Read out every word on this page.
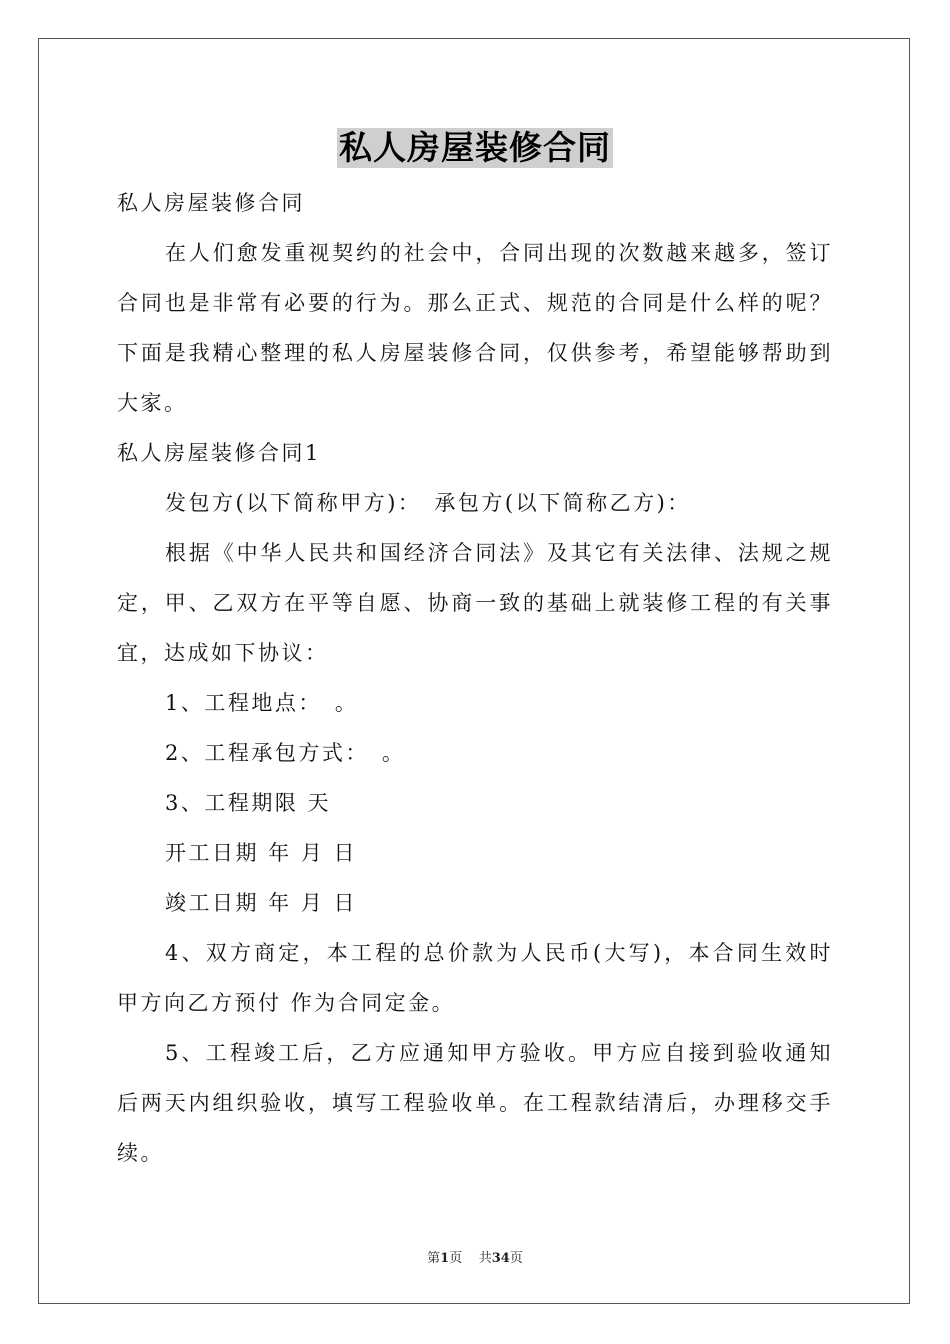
私人房屋装修合同

私人房屋装修合同

在人们愈发重视契约的社会中，合同出现的次数越来越多，签订合同也是非常有必要的行为。那么正式、规范的合同是什么样的呢？下面是我精心整理的私人房屋装修合同，仅供参考，希望能够帮助到大家。

私人房屋装修合同1

发包方(以下简称甲方)：　承包方(以下简称乙方)：

根据《中华人民共和国经济合同法》及其它有关法律、法规之规定，甲、乙双方在平等自愿、协商一致的基础上就装修工程的有关事宜，达成如下协议：

1、工程地点：　。

2、工程承包方式：　。

3、工程期限 天

开工日期 年 月 日

竣工日期 年 月 日

4、双方商定，本工程的总价款为人民币(大写)，本合同生效时甲方向乙方预付 作为合同定金。

5、工程竣工后，乙方应通知甲方验收。甲方应自接到验收通知后两天内组织验收，填写工程验收单。在工程款结清后，办理移交手续。

第1页 共34页
